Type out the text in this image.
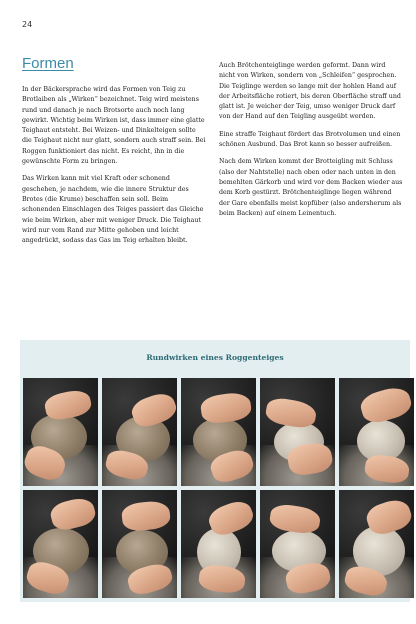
24
Formen

In der Bäckersprache wird das Formen von Teig zu Brotlaiben als „Wirken“ bezeichnet. Teig wird meistens rund und danach je nach Brotsorte auch noch lang gewirkt. Wichtig beim Wirken ist, dass immer eine glatte Teighaut entsteht. Bei Weizen- und Dinkelteigen sollte die Teighaut nicht nur glatt, sondern auch straff sein. Bei Roggen funktioniert das nicht. Es reicht, ihn in die gewünschte Form zu bringen.

Das Wirken kann mit viel Kraft oder schonend geschehen, je nachdem, wie die innere Struktur des Brotes (die Krume) beschaffen sein soll. Beim schonenden Einschlagen des Teiges passiert das Gleiche wie beim Wirken, aber mit weniger Druck. Die Teighaut wird nur vom Rand zur Mitte gehoben und leicht angedrückt, sodass das Gas im Teig erhalten bleibt.

Auch Brötchenteiglinge werden geformt. Dann wird nicht von Wirken, sondern von „Schleifen“ gesprochen. Die Teiglinge werden so lange mit der hohlen Hand auf der Arbeitsfläche rotiert, bis deren Oberfläche straff und glatt ist. Je weicher der Teig, umso weniger Druck darf von der Hand auf den Teigling ausgeübt werden.

Eine straffe Teighaut fördert das Brotvolumen und einen schönen Ausbund. Das Brot kann so besser aufreißen.

Nach dem Wirken kommt der Brotteigling mit Schluss (also der Nahtstelle) nach oben oder nach unten in den bemehlten Gärkorb und wird vor dem Backen wieder aus dem Korb gestürzt. Brötchenteiglinge liegen während der Gare ebenfalls meist kopfüber (also andersherum als beim Backen) auf einem Leinentuch.

Rundwirken eines Roggenteiges
